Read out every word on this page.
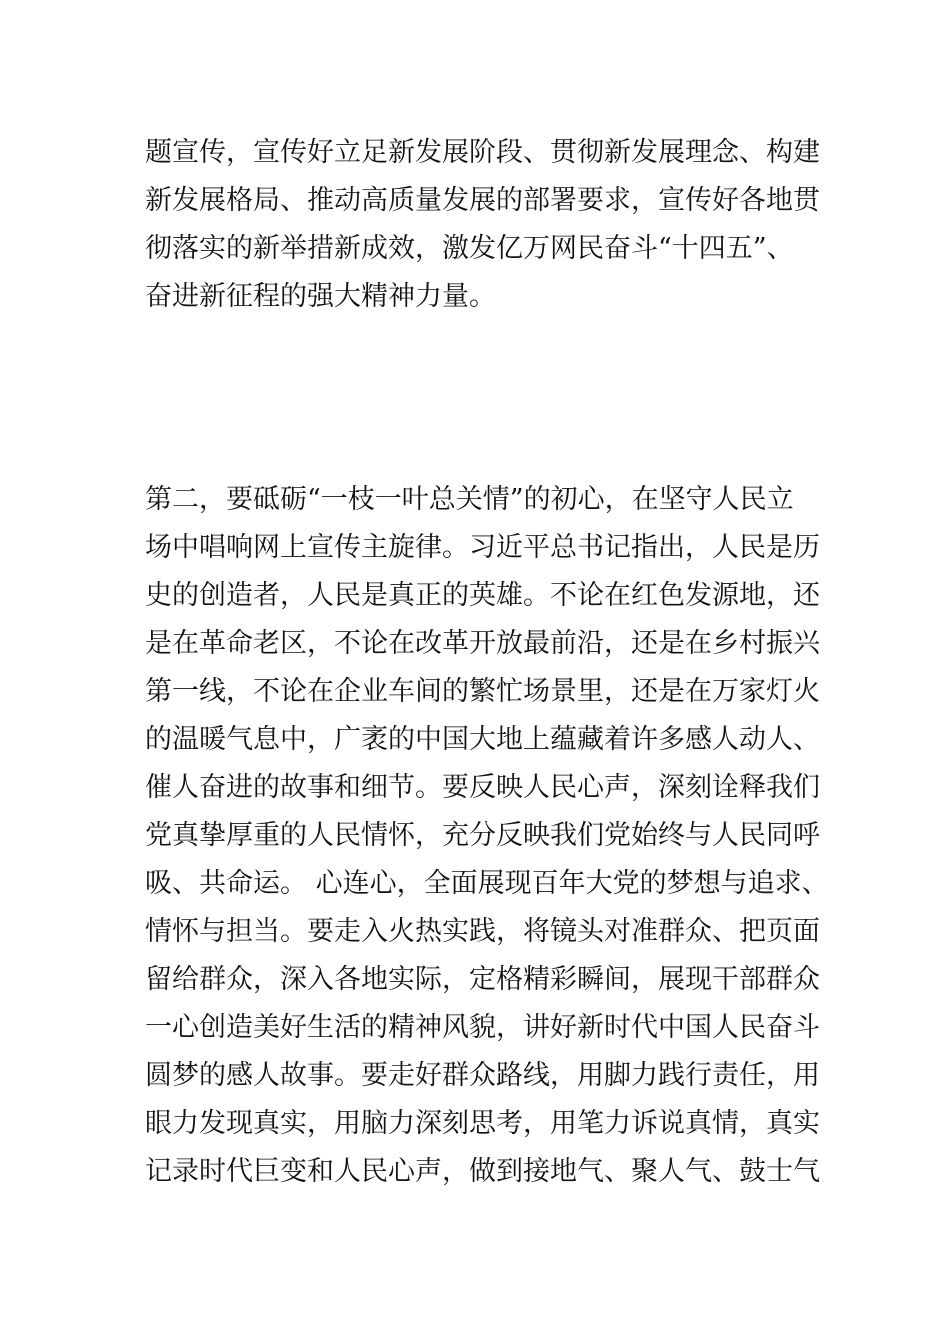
题宣传，宣传好立足新发展阶段、贯彻新发展理念、构建
新发展格局、推动高质量发展的部署要求，宣传好各地贯
彻落实的新举措新成效，激发亿万网民奋斗“十四五”、
奋进新征程的强大精神力量。
第二，要砥砺“一枝一叶总关情”的初心，在坚守人民立
场中唱响网上宣传主旋律。习近平总书记指出，人民是历
史的创造者，人民是真正的英雄。不论在红色发源地，还
是在革命老区，不论在改革开放最前沿，还是在乡村振兴
第一线，不论在企业车间的繁忙场景里，还是在万家灯火
的温暖气息中，广袤的中国大地上蕴藏着许多感人动人、
催人奋进的故事和细节。要反映人民心声，深刻诠释我们
党真挚厚重的人民情怀，充分反映我们党始终与人民同呼
吸、共命运。 心连心，全面展现百年大党的梦想与追求、
情怀与担当。要走入火热实践，将镜头对准群众、把页面
留给群众，深入各地实际，定格精彩瞬间，展现干部群众
一心创造美好生活的精神风貌，讲好新时代中国人民奋斗
圆梦的感人故事。要走好群众路线，用脚力践行责任，用
眼力发现真实，用脑力深刻思考，用笔力诉说真情，真实
记录时代巨变和人民心声，做到接地气、聚人气、鼓士气
